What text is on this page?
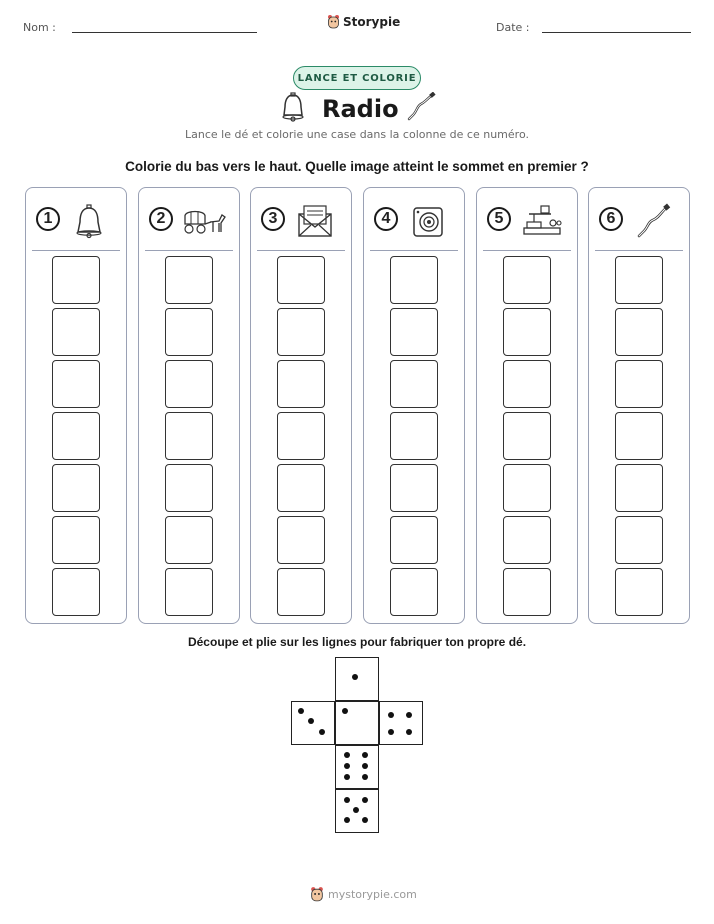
Nom :	Storypie	Date :
LANCE ET COLORIE
Radio
Lance le dé et colorie une case dans la colonne de ce numéro.
Colorie du bas vers le haut. Quelle image atteint le sommet en premier ?
1	2	3	4	5	6
Découpe et plie sur les lignes pour fabriquer ton propre dé.
mystorypie.com
